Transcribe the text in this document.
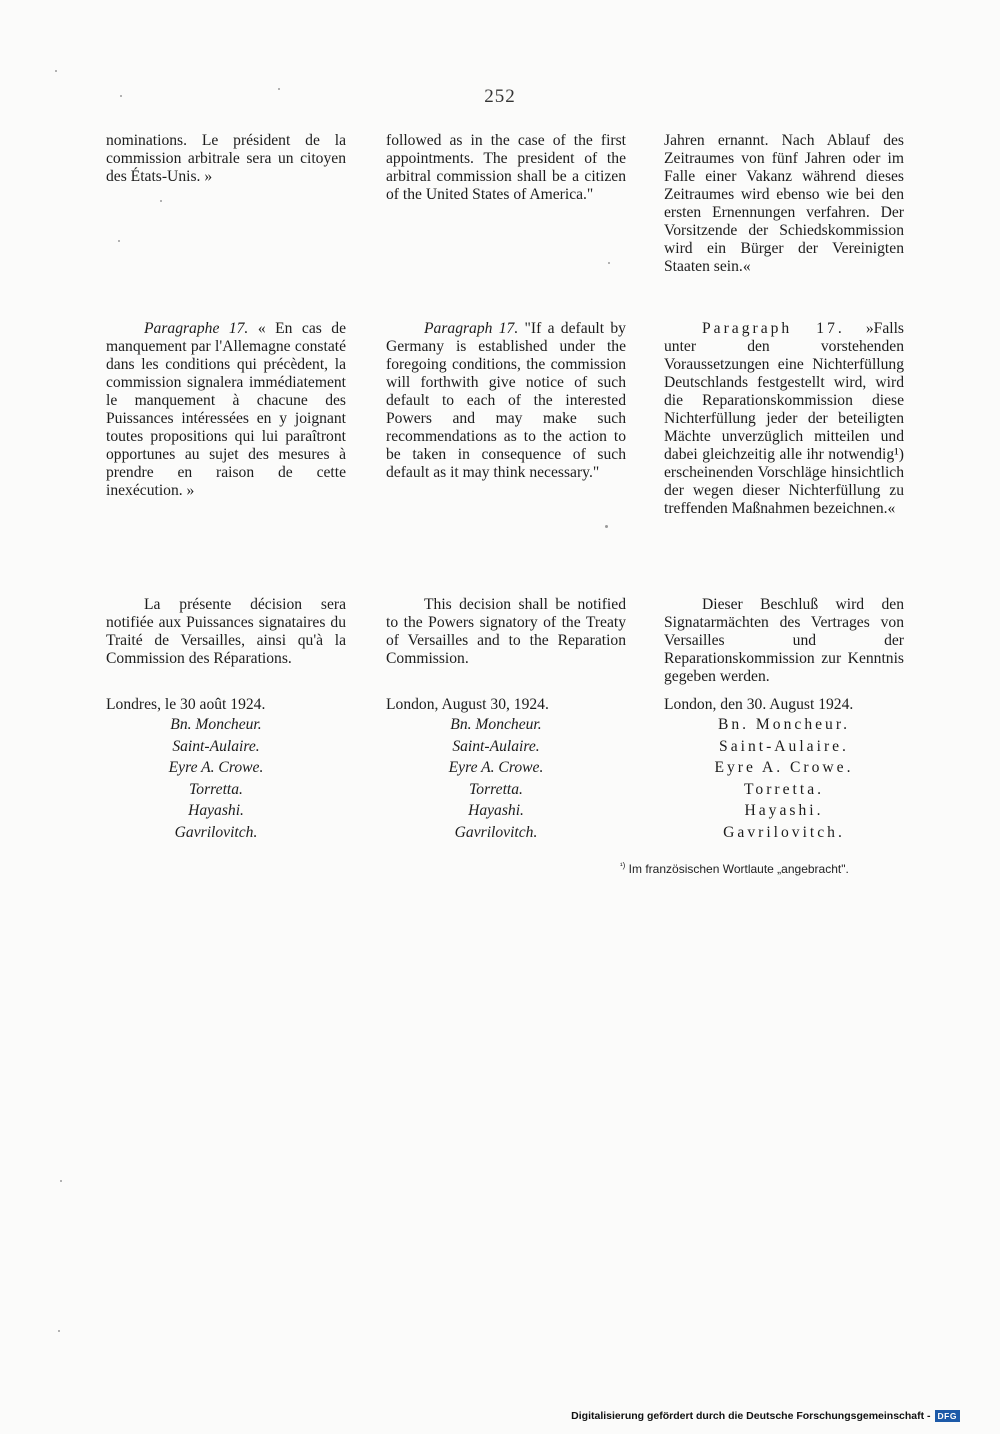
252
nominations. Le président de la commission arbitrale sera un citoyen des États-Unis. »
Paragraphe 17. « En cas de manquement par l'Allemagne constaté dans les conditions qui précèdent, la commission signalera immédiatement le manquement à chacune des Puissances intéressées en y joignant toutes propositions qui lui paraîtront opportunes au sujet des mesures à prendre en raison de cette inexécution. »
La présente décision sera notifiée aux Puissances signataires du Traité de Versailles, ainsi qu'à la Commission des Réparations.

Londres, le 30 août 1924.

Bn. Moncheur.
Saint-Aulaire.
Eyre A. Crowe.
Torretta.
Hayashi.
Gavrilovitch.
followed as in the case of the first appointments. The president of the arbitral commission shall be a citizen of the United States of America."
Paragraph 17. "If a default by Germany is established under the foregoing conditions, the commission will forthwith give notice of such default to each of the interested Powers and may make such recommendations as to the action to be taken in consequence of such default as it may think necessary."
This decision shall be notified to the Powers signatory of the Treaty of Versailles and to the Reparation Commission.

London, August 30, 1924.

Bn. Moncheur.
Saint-Aulaire.
Eyre A. Crowe.
Torretta.
Hayashi.
Gavrilovitch.
Jahren ernannt. Nach Ablauf des Zeitraumes von fünf Jahren oder im Falle einer Vakanz während dieses Zeitraumes wird ebenso wie bei den ersten Ernennungen verfahren. Der Vorsitzende der Schiedskommission wird ein Bürger der Vereinigten Staaten sein.«
Paragraph 17. »Falls unter den vorstehenden Voraussetzungen eine Nichterfüllung Deutschlands festgestellt wird, wird die Reparationskommission diese Nichterfüllung jeder der beteiligten Mächte unverzüglich mitteilen und dabei gleichzeitig alle ihr notwendig¹) erscheinenden Vorschläge hinsichtlich der wegen dieser Nichterfüllung zu treffenden Maßnahmen bezeichnen.«
Dieser Beschluß wird den Signatarmächten des Vertrages von Versailles und der Reparationskommission zur Kenntnis gegeben werden.

London, den 30. August 1924.

Bn. Moncheur.
Saint-Aulaire.
Eyre A. Crowe.
Torretta.
Hayashi.
Gavrilovitch.
$^{^1)}$ Im französischen Wortlaute „angebracht".
Digitalisierung gefördert durch die Deutsche Forschungsgemeinschaft - DFG
